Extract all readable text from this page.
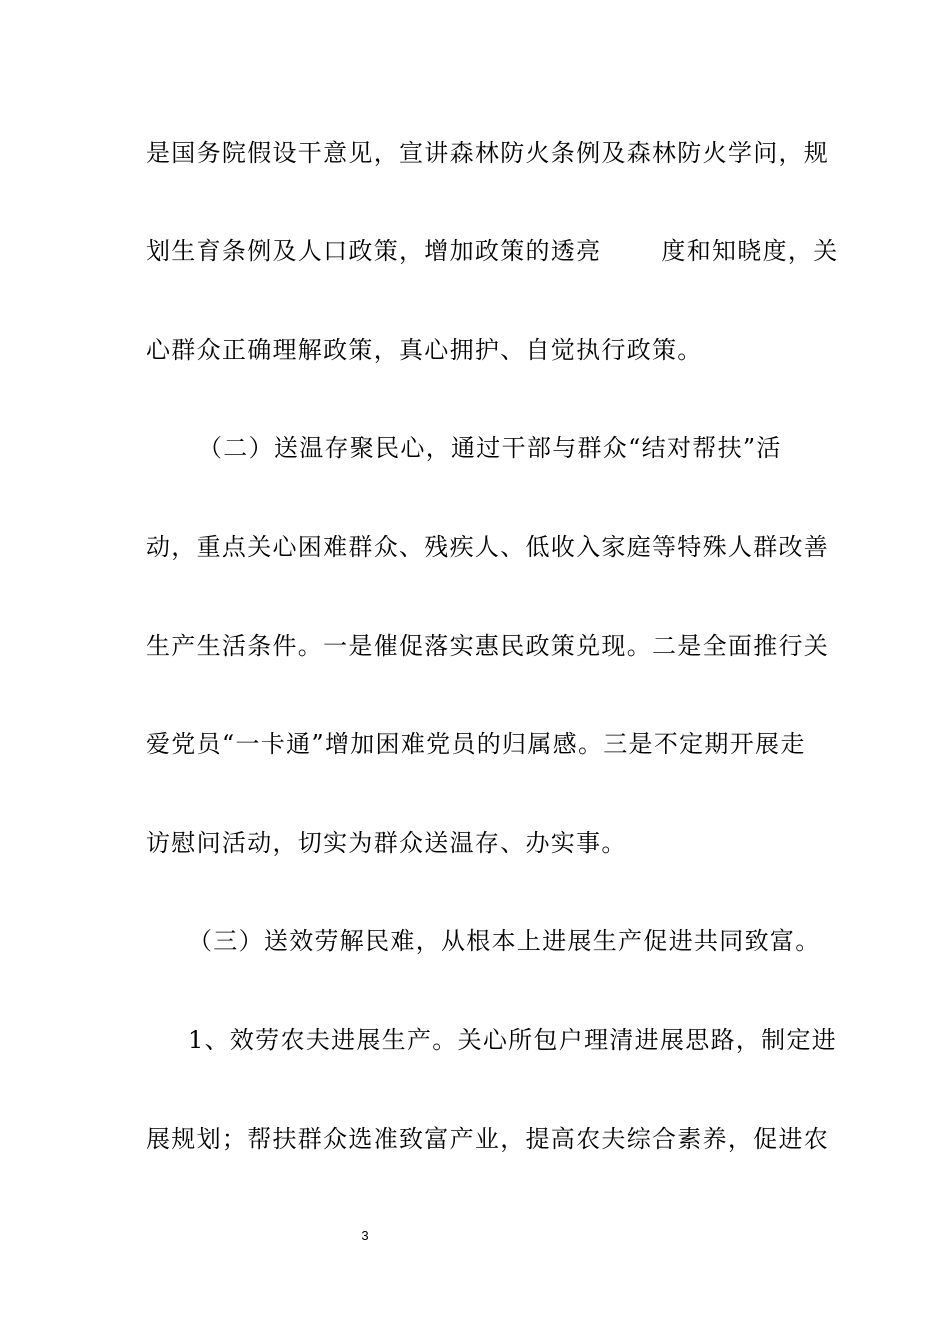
是国务院假设干意见，宣讲森林防火条例及森林防火学问，规
划生育条例及人口政策，增加政策的透亮	度和知晓度，关
心群众正确理解政策，真心拥护、自觉执行政策。
（二）送温存聚民心，通过干部与群众“结对帮扶”活
动，重点关心困难群众、残疾人、低收入家庭等特殊人群改善
生产生活条件。一是催促落实惠民政策兑现。二是全面推行关
爱党员“一卡通”增加困难党员的归属感。三是不定期开展走
访慰问活动，切实为群众送温存、办实事。
（三）送效劳解民难，从根本上进展生产促进共同致富。
1、效劳农夫进展生产。关心所包户理清进展思路，制定进
展规划；帮扶群众选准致富产业，提高农夫综合素养，促进农
3
